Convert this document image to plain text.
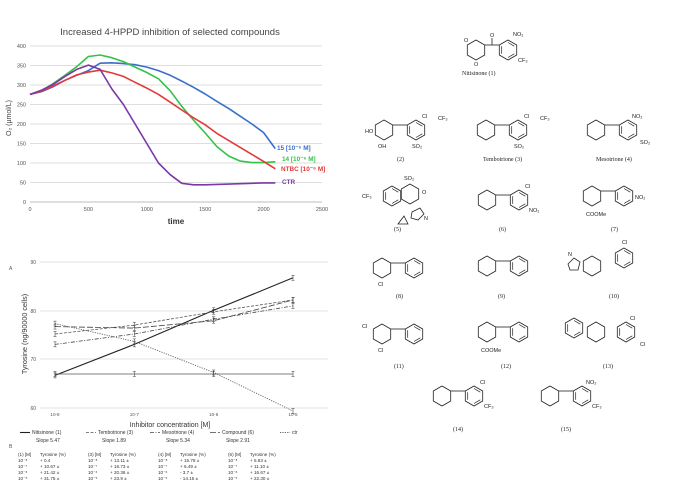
Increased 4-HPPD inhibition of selected compounds
0
50
100
150
200
250
300
350
400
0	500	1000	1500	2000	2500
O₂ (µmol/L)
time
15 [10⁻⁶ M]
14 [10⁻⁶ M]
NTBC [10⁻⁶ M]
CTR
A
60
70
80
90
10-8	10-7	10-6	10-5
Tyrosine (ng/90000 cells)
Inhibitor concentration [M]
Nitisinone (1)
Slope 5.47
Tembotrione (3)
Slope 1.89
Mesotrione (4)
Slope 5.34
Compound (6)
Slope 2.91
ctr
B
(1) [M] Tyrosine (%)
10⁻⁸	+ 0.4
10⁻⁷	+ 10.67 ±
10⁻⁶	+ 21.42 ±
10⁻⁵	+ 31.75 ±
(3) [M] Tyrosine (%)
10⁻⁸	+ 13.11 ±
10⁻⁷	+ 16.73 ±
10⁻⁶	+ 20.36 ±
10⁻⁵	+ 23.9 ±
(4) [M] Tyrosine (%)
10⁻⁸	+ 15.78 ±
10⁻⁷	+ 6.49 ±
10⁻⁶	- 3.7 ±
10⁻⁵	- 14.15 ±
(6) [M] Tyrosine (%)
10⁻⁸	+ 5.63 ±
10⁻⁷	+ 11.10 ±
10⁻⁶	+ 16.67 ±
10⁻⁵	+ 22.30 ±
O
O
O
NO₂
CF₃
HO
OH
Cl
SO₂
CF₃	Cl
SO₂
CF₃	NO₂
SO₂
CF₃
SO₂
O
N
Cl
NO₂
COOMe
NO₂
Cl
N
Cl
Cl
Cl	COOMe
Cl
Cl
Cl
CF₃
NO₂
CF₃
Nitisinone (1)
(2)	Tembotrione (3)	Mesotrione (4)
(5)	(6)	(7)
(8)	(9)	(10)
(11)	(12)	(13)
(14)	(15)
